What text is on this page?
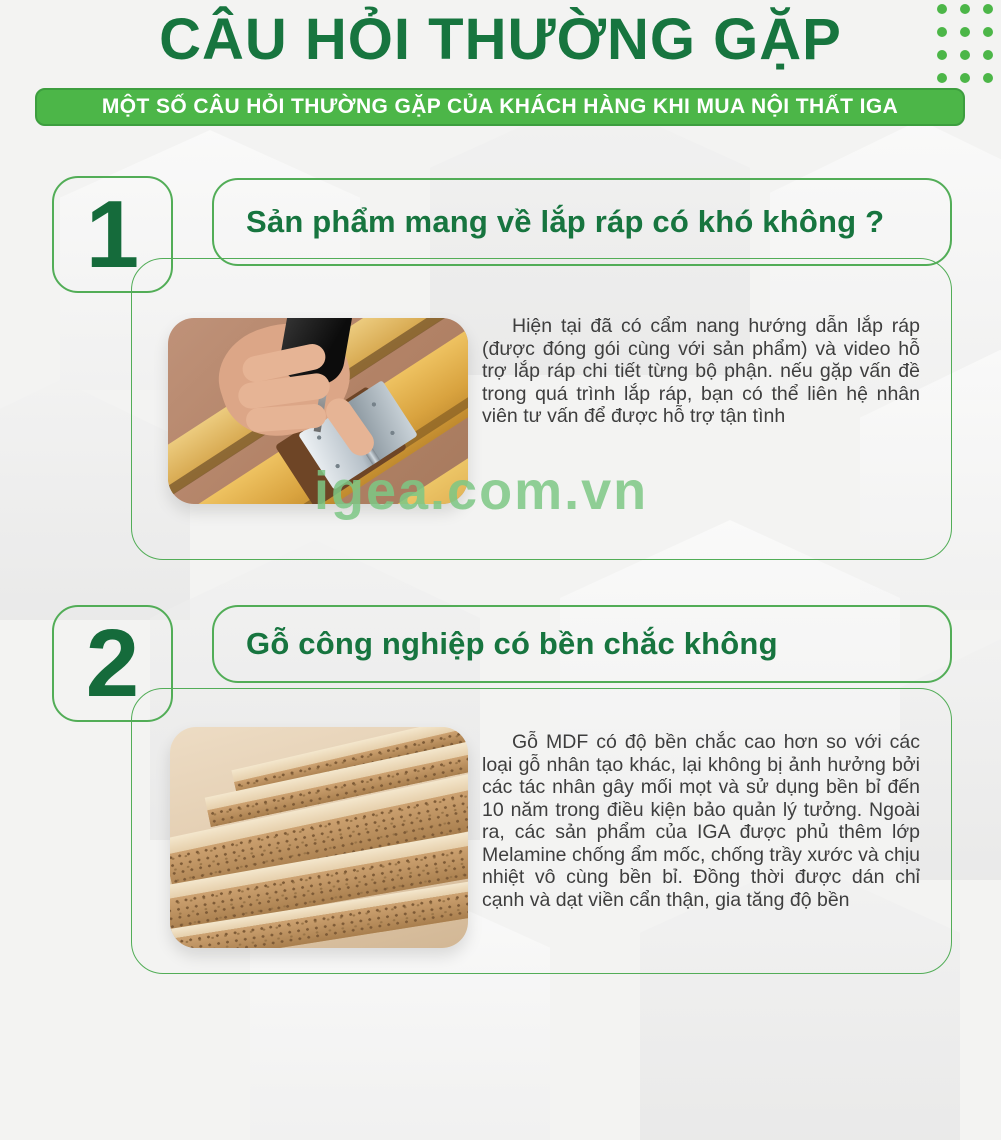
CÂU HỎI THƯỜNG GẶP
MỘT SỐ CÂU HỎI THƯỜNG GẶP CỦA KHÁCH HÀNG KHI MUA NỘI THẤT IGA
1	Sản phẩm mang về lắp ráp có khó không ?

Hiện tại đã có cẩm nang hướng dẫn lắp ráp (được đóng gói cùng với sản phẩm) và video hỗ trợ lắp ráp chi tiết từng bộ phận. nếu gặp vấn đề trong quá trình lắp ráp, bạn có thể liên hệ nhân viên tư vấn để được hỗ trợ tận tình

igea.com.vn
2	Gỗ công nghiệp có bền chắc không

Gỗ MDF có độ bền chắc cao hơn so với các loại gỗ nhân tạo khác, lại không bị ảnh hưởng bởi các tác nhân gây mối mọt và sử dụng bền bỉ đến 10 năm trong điều kiện bảo quản lý tưởng. Ngoài ra, các sản phẩm của IGA được phủ thêm lớp Melamine chống ẩm mốc, chống trầy xước và chịu nhiệt vô cùng bền bỉ. Đồng thời được dán chỉ cạnh và dạt viền cẩn thận, gia tăng độ bền
